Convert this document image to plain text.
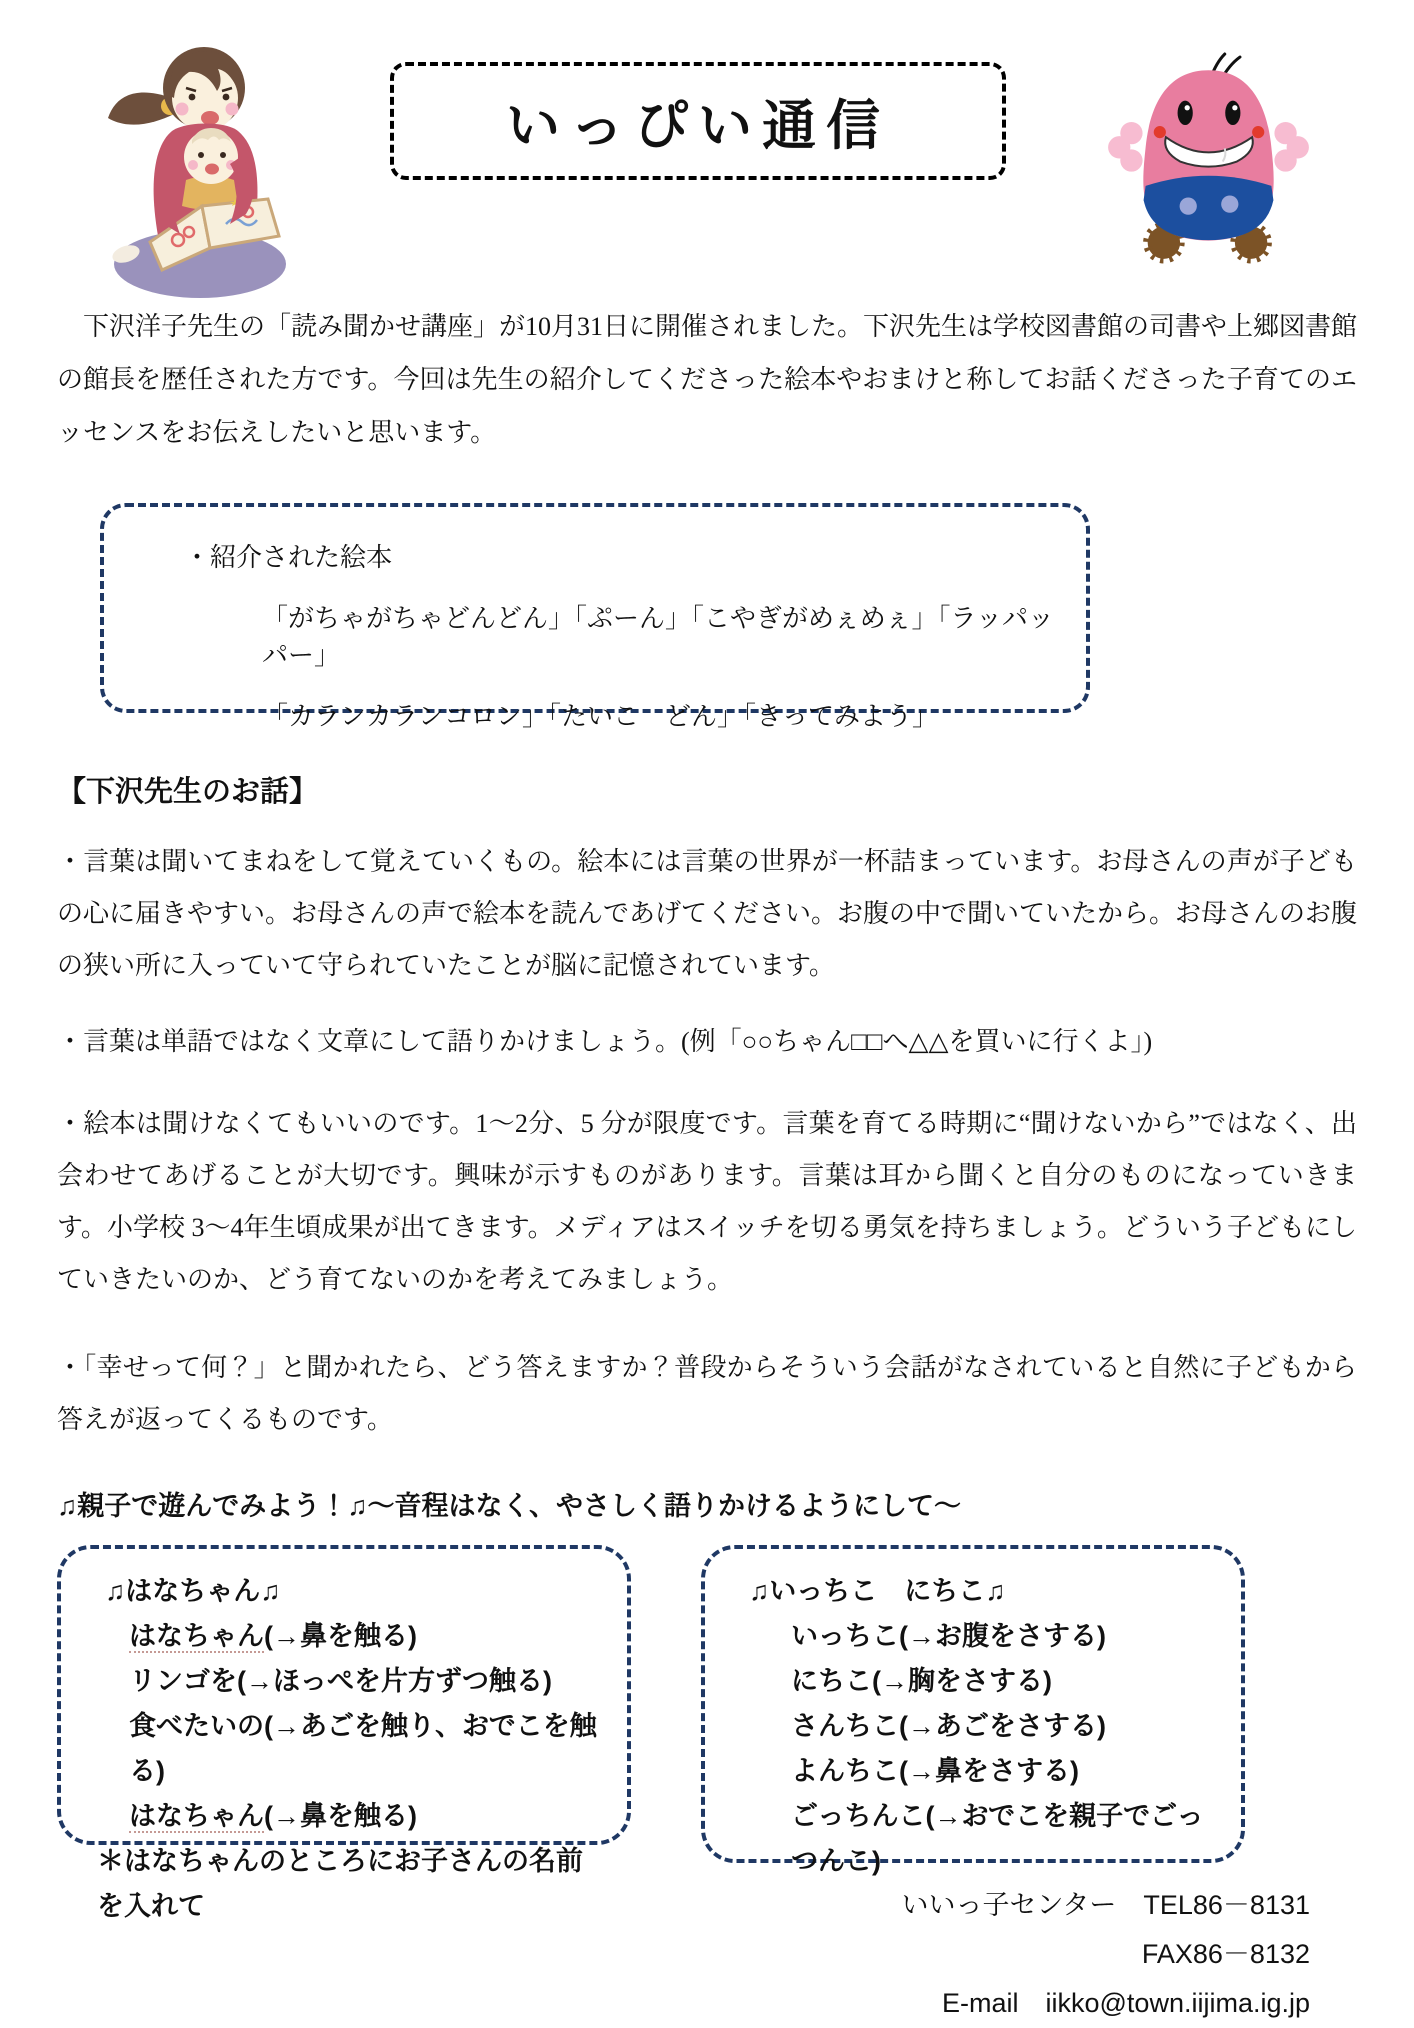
いっぴい通信

　下沢洋子先生の「読み聞かせ講座」が10月31日に開催されました。下沢先生は学校図書館の司書や上郷図書館の館長を歴任された方です。今回は先生の紹介してくださった絵本やおまけと称してお話くださった子育てのエッセンスをお伝えしたいと思います。

・紹介された絵本
「がちゃがちゃどんどん」「ぷーん」「こやぎがめぇめぇ」「ラッパッパー」
「カランカランコロン」「たいこ　どん」「きってみよう」
【下沢先生のお話】

・言葉は聞いてまねをして覚えていくもの。絵本には言葉の世界が一杯詰まっています。お母さんの声が子どもの心に届きやすい。お母さんの声で絵本を読んであげてください。お腹の中で聞いていたから。お母さんのお腹の狭い所に入っていて守られていたことが脳に記憶されています。

・言葉は単語ではなく文章にして語りかけましょう。(例「○○ちゃん□□へ△△を買いに行くよ」)

・絵本は聞けなくてもいいのです。1～2分、5 分が限度です。言葉を育てる時期に“聞けないから”ではなく、出会わせてあげることが大切です。興味が示すものがあります。言葉は耳から聞くと自分のものになっていきます。小学校 3～4年生頃成果が出てきます。メディアはスイッチを切る勇気を持ちましょう。どういう子どもにしていきたいのか、どう育てないのかを考えてみましょう。

・「幸せって何？」と聞かれたら、どう答えますか？普段からそういう会話がなされていると自然に子どもから答えが返ってくるものです。

♫親子で遊んでみよう！♫～音程はなく、やさしく語りかけるようにして～
♫はなちゃん♫
はなちゃん(→鼻を触る)
リンゴを(→ほっぺを片方ずつ触る)
食べたいの(→あごを触り、おでこを触る)
はなちゃん(→鼻を触る)
＊はなちゃんのところにお子さんの名前を入れて
♫いっちこ　にちこ♫
いっちこ(→お腹をさする)
にちこ(→胸をさする)
さんちこ(→あごをさする)
よんちこ(→鼻をさする)
ごっちんこ(→おでこを親子でごっつんこ)
いいっ子センター　TEL86－8131
FAX86－8132
E-mail　iikko@town.iijima.ig.jp
